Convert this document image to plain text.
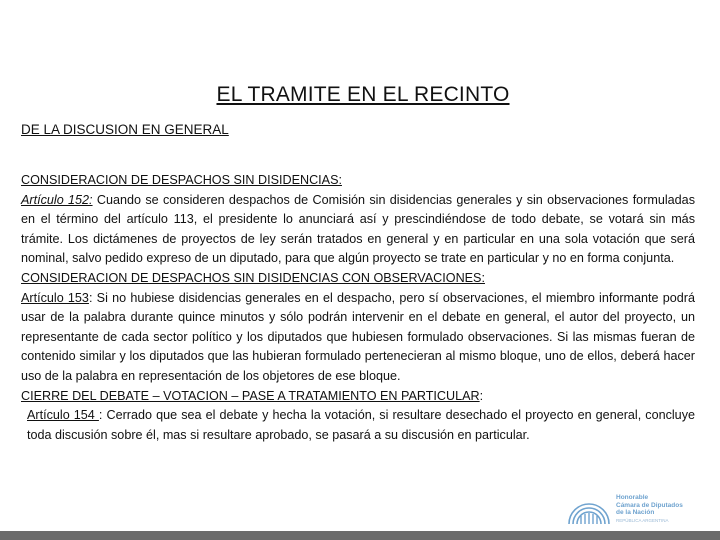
EL TRAMITE EN EL RECINTO
DE LA DISCUSION EN GENERAL

CONSIDERACION DE DESPACHOS SIN DISIDENCIAS:

Artículo 152: Cuando se consideren despachos de Comisión sin disidencias generales y sin observaciones formuladas en el término del artículo 113, el presidente lo anunciará así y prescindiéndose de todo debate, se votará sin más trámite. Los dictámenes de proyectos de ley serán tratados en general y en particular en una sola votación que será nominal, salvo pedido expreso de un diputado, para que algún proyecto se trate en particular y no en forma conjunta.

CONSIDERACION DE DESPACHOS SIN DISIDENCIAS CON OBSERVACIONES:

Artículo 153: Si no hubiese disidencias generales en el despacho, pero sí observaciones, el miembro informante podrá usar de la palabra durante quince minutos y sólo podrán intervenir en el debate en general, el autor del proyecto, un representante de cada sector político y los diputados que hubiesen formulado observaciones. Si las mismas fueran de contenido similar y los diputados que las hubieran formulado pertenecieran al mismo bloque, uno de ellos, deberá hacer uso de la palabra en representación de los objetores de ese bloque.

CIERRE DEL DEBATE – VOTACION – PASE A TRATAMIENTO EN PARTICULAR:

Artículo 154 : Cerrado que sea el debate y hecha la votación, si resultare desechado el proyecto en general, concluye toda discusión sobre él, mas si resultare aprobado, se pasará a su discusión en particular.

Honorable
Cámara de Diputados
de la Nación
REPÚBLICA ARGENTINA
